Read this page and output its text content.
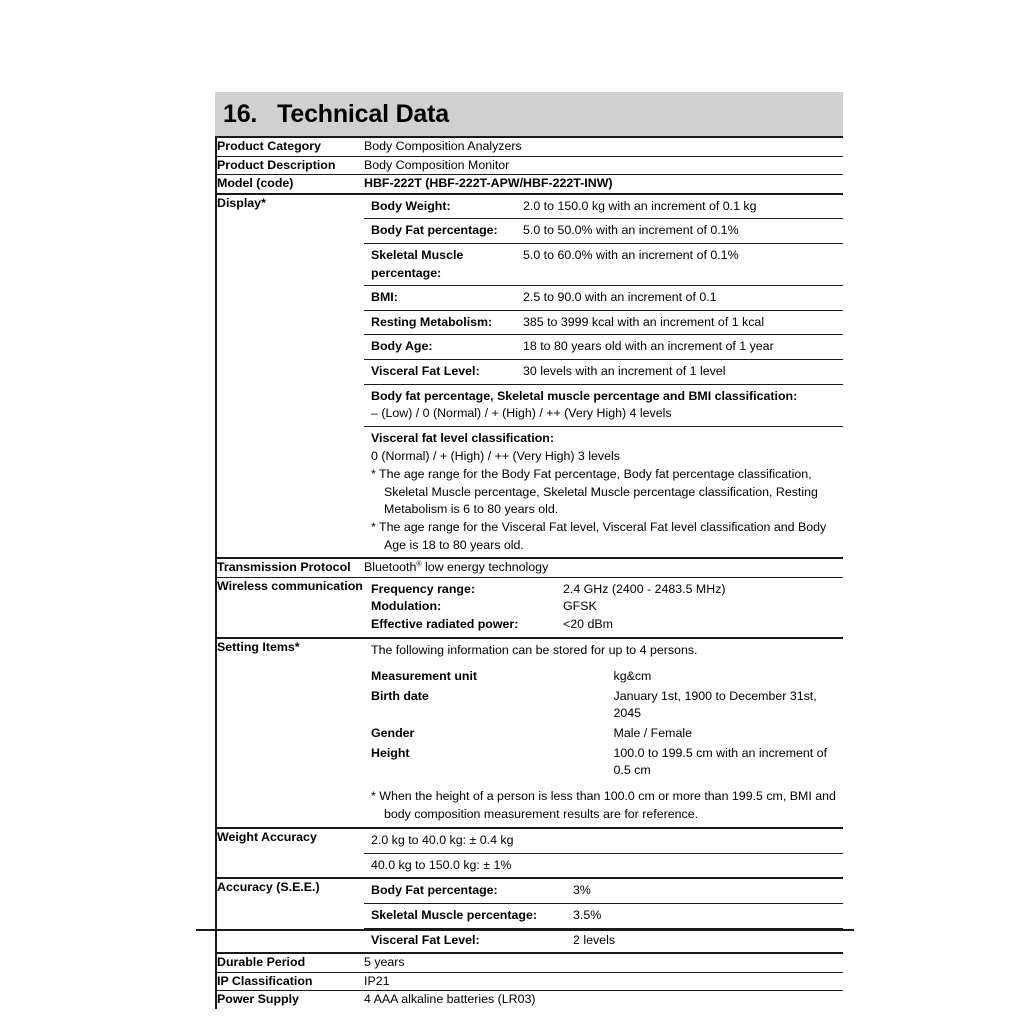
16. Technical Data
Product Category	Body Composition Analyzers
Product Description	Body Composition Monitor
Model (code)	HBF-222T (HBF-222T-APW/HBF-222T-INW)
Display*		Body Weight:	2.0 to 150.0 kg with an increment of 0.1 kg
Body Fat percentage:	5.0 to 50.0% with an increment of 0.1%
Skeletal Muscle percentage:	5.0 to 60.0% with an increment of 0.1%
BMI:	2.5 to 90.0 with an increment of 0.1
Resting Metabolism:	385 to 3999 kcal with an increment of 1 kcal
Body Age:	18 to 80 years old with an increment of 1 year
Visceral Fat Level:	30 levels with an increment of 1 level

Body fat percentage, Skeletal muscle percentage and BMI classification:
– (Low) / 0 (Normal) / + (High) / ++ (Very High) 4 levels

Visceral fat level classification:
0 (Normal) / + (High) / ++ (Very High) 3 levels
* The age range for the Body Fat percentage, Body fat percentage classification, Skeletal Muscle percentage, Skeletal Muscle percentage classification, Resting Metabolism is 6 to 80 years old.
* The age range for the Visceral Fat level, Visceral Fat level classification and Body Age is 18 to 80 years old.

Transmission Protocol	Bluetooth® low energy technology
Wireless communication	Frequency range:	2.4 GHz (2400 - 2483.5 MHz)
Modulation:	GFSK
Effective radiated power:	<20 dBm

Setting Items*		The following information can be stored for up to 4 persons.
Measurement unit	kg&cm
Birth date	January 1st, 1900 to December 31st, 2045
Gender	Male / Female
Height	100.0 to 199.5 cm with an increment of 0.5 cm
* When the height of a person is less than 100.0 cm or more than 199.5 cm, BMI and body composition measurement results are for reference.

Weight Accuracy		2.0 kg to 40.0 kg: ± 0.4 kg
40.0 kg to 150.0 kg: ± 1%

Accuracy (S.E.E.)		Body Fat percentage:	3%
Skeletal Muscle percentage:	3.5%
Visceral Fat Level:	2 levels

Durable Period	5 years
IP Classification	IP21
Power Supply	4 AAA alkaline batteries (LR03)
